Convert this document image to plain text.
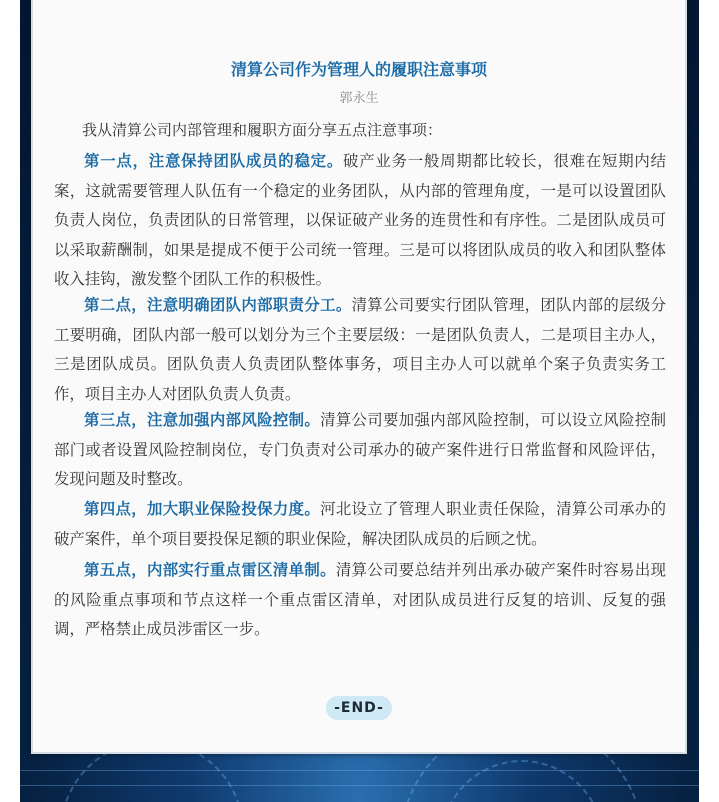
清算公司作为管理人的履职注意事项
郭永生
我从清算公司内部管理和履职方面分享五点注意事项：

第一点，注意保持团队成员的稳定。破产业务一般周期都比较长，很难在短期内结案，这就需要管理人队伍有一个稳定的业务团队，从内部的管理角度，一是可以设置团队负责人岗位，负责团队的日常管理，以保证破产业务的连贯性和有序性。二是团队成员可以采取薪酬制，如果是提成不便于公司统一管理。三是可以将团队成员的收入和团队整体收入挂钩，激发整个团队工作的积极性。

第二点，注意明确团队内部职责分工。清算公司要实行团队管理，团队内部的层级分工要明确，团队内部一般可以划分为三个主要层级：一是团队负责人，二是项目主办人，三是团队成员。团队负责人负责团队整体事务，项目主办人可以就单个案子负责实务工作，项目主办人对团队负责人负责。

第三点，注意加强内部风险控制。清算公司要加强内部风险控制，可以设立风险控制部门或者设置风险控制岗位，专门负责对公司承办的破产案件进行日常监督和风险评估，发现问题及时整改。

第四点，加大职业保险投保力度。河北设立了管理人职业责任保险，清算公司承办的破产案件，单个项目要投保足额的职业保险，解决团队成员的后顾之忧。

第五点，内部实行重点雷区清单制。清算公司要总结并列出承办破产案件时容易出现的风险重点事项和节点这样一个重点雷区清单，对团队成员进行反复的培训、反复的强调，严格禁止成员涉雷区一步。

-END-
